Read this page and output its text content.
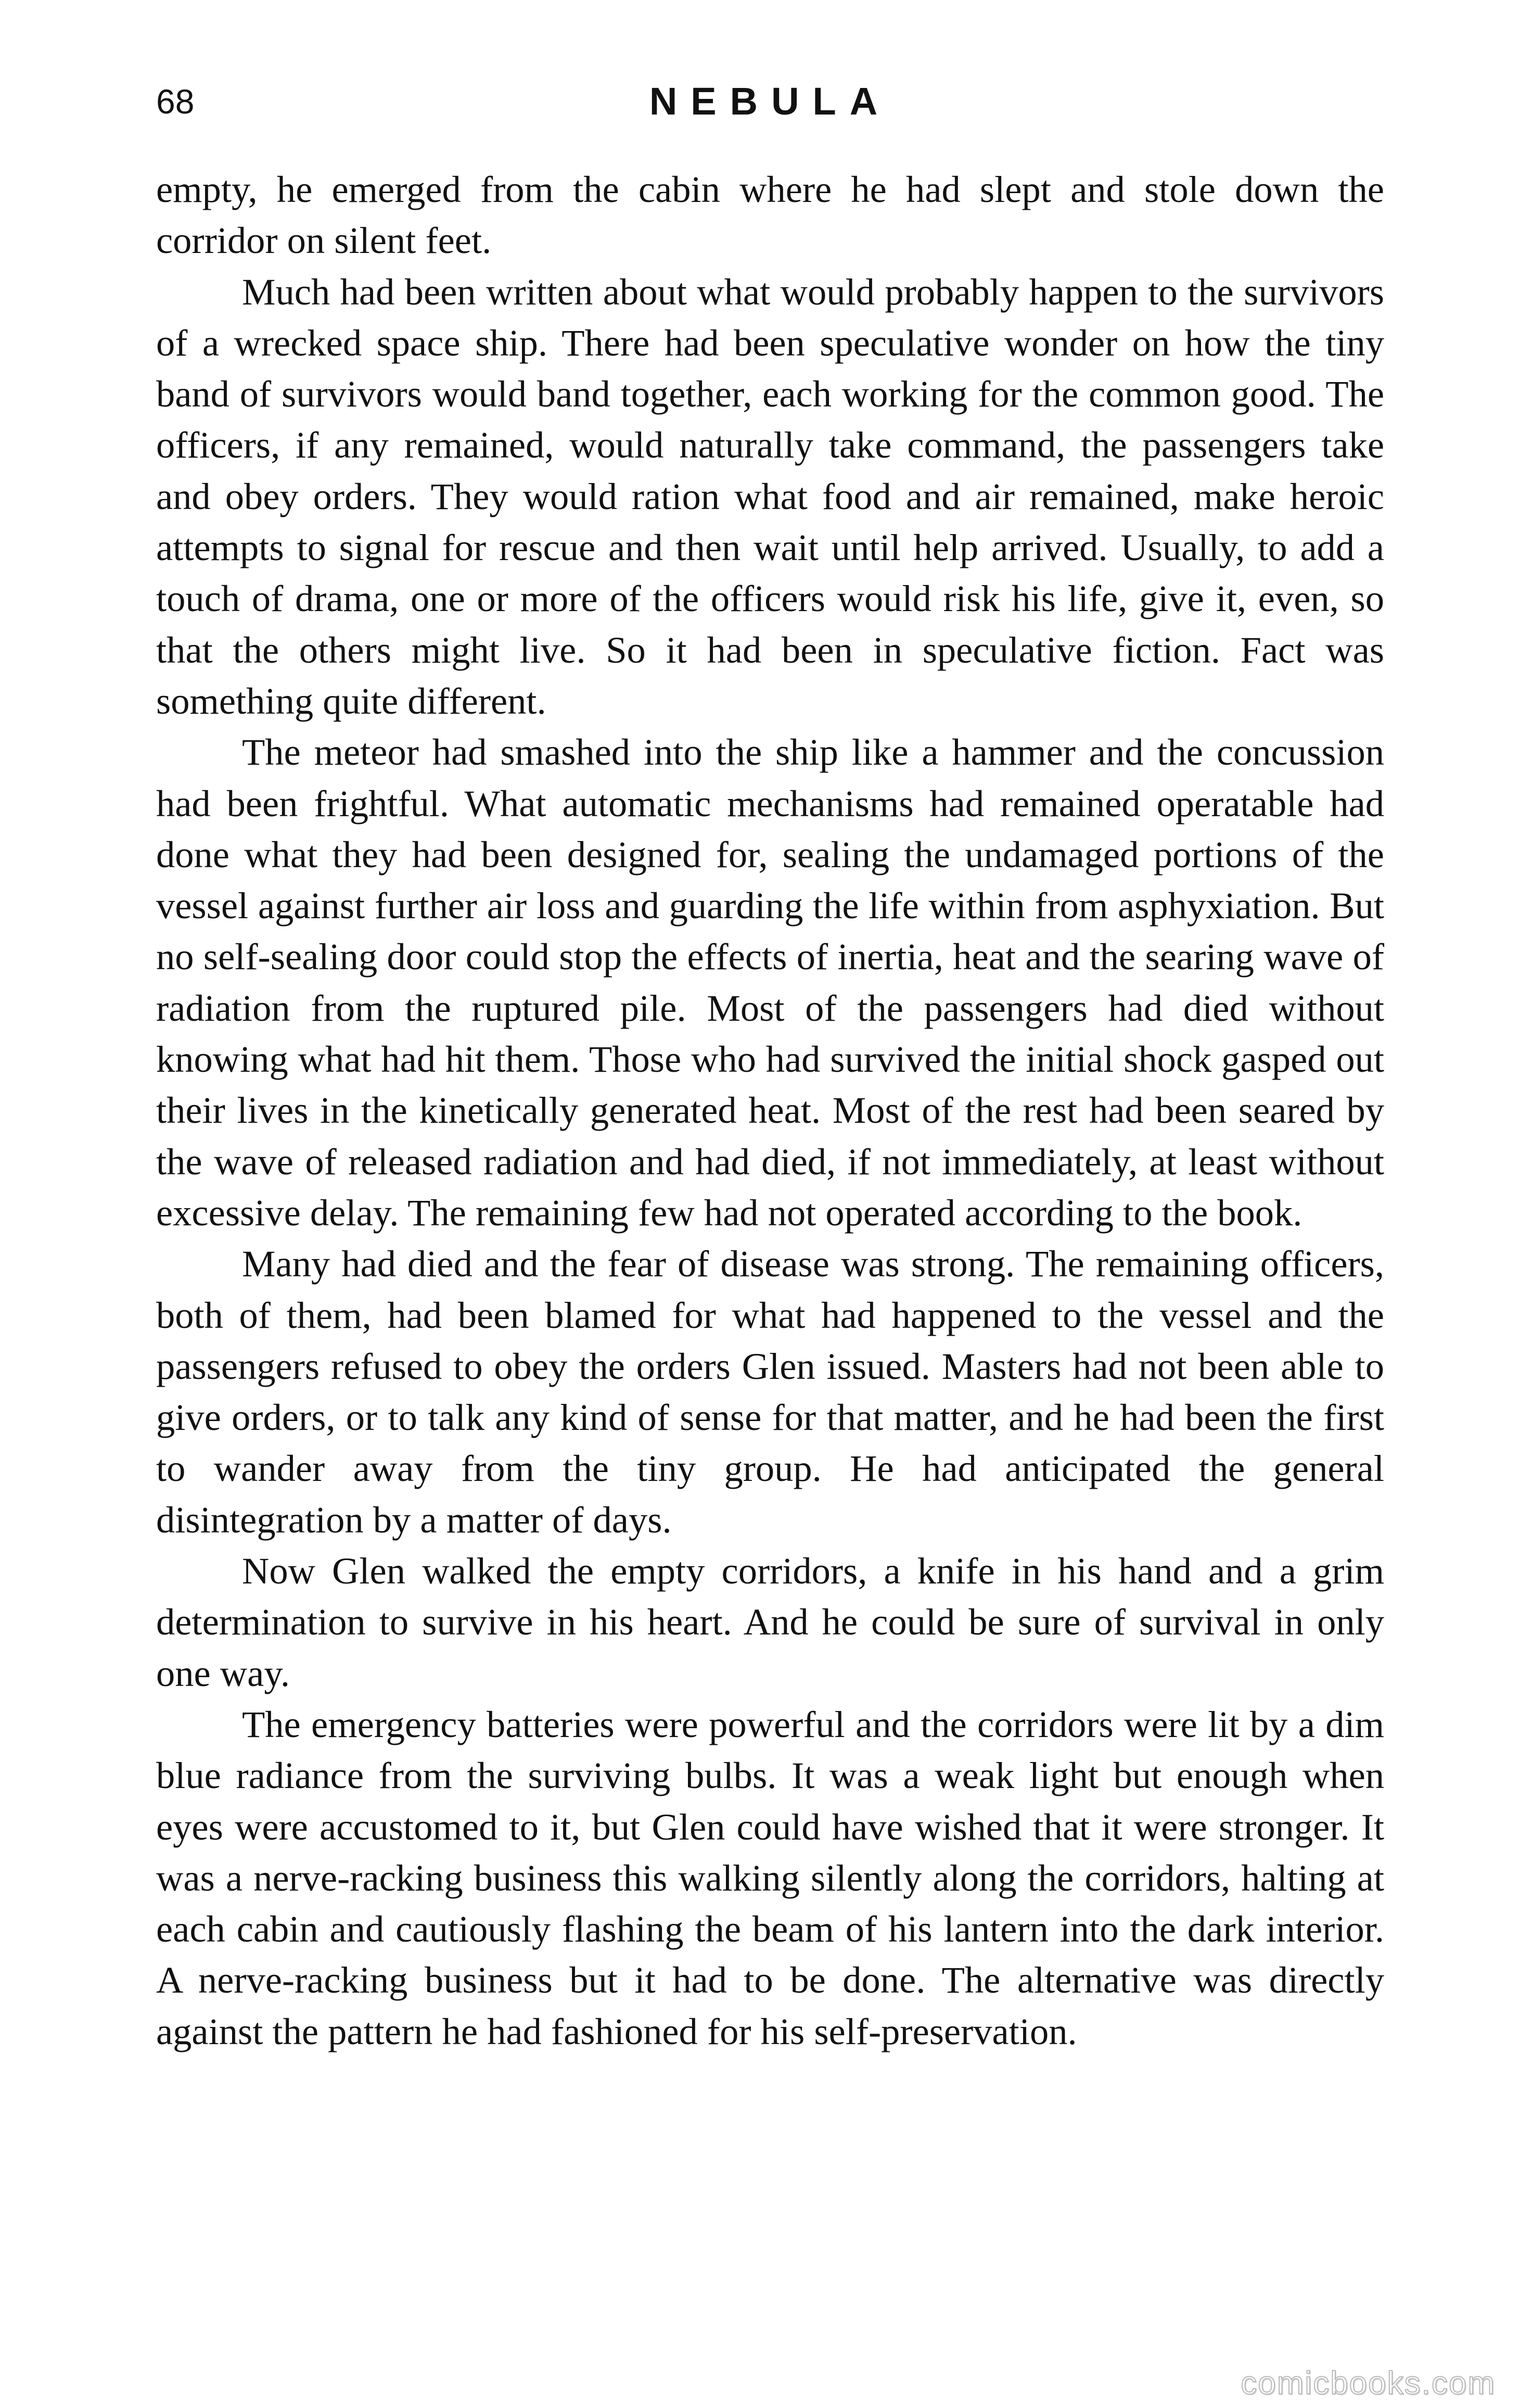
68	NEBULA

empty, he emerged from the cabin where he had slept and stole down the corridor on silent feet.

Much had been written about what would probably happen to the survivors of a wrecked space ship. There had been speculative wonder on how the tiny band of survivors would band together, each working for the common good. The officers, if any remained, would naturally take command, the passengers take and obey orders. They would ration what food and air remained, make heroic attempts to signal for rescue and then wait until help arrived. Usually, to add a touch of drama, one or more of the officers would risk his life, give it, even, so that the others might live. So it had been in speculative fiction. Fact was something quite different.

The meteor had smashed into the ship like a hammer and the concussion had been frightful. What automatic mechanisms had remained operatable had done what they had been designed for, sealing the undamaged portions of the vessel against further air loss and guarding the life within from asphyxiation. But no self-sealing door could stop the effects of inertia, heat and the searing wave of radiation from the ruptured pile. Most of the passengers had died without knowing what had hit them. Those who had survived the initial shock gasped out their lives in the kinetically generated heat. Most of the rest had been seared by the wave of released radiation and had died, if not immediately, at least without excessive delay. The remaining few had not operated according to the book.

Many had died and the fear of disease was strong. The remaining officers, both of them, had been blamed for what had happened to the vessel and the passengers refused to obey the orders Glen issued. Masters had not been able to give orders, or to talk any kind of sense for that matter, and he had been the first to wander away from the tiny group. He had anticipated the general disintegration by a matter of days.

Now Glen walked the empty corridors, a knife in his hand and a grim determination to survive in his heart. And he could be sure of survival in only one way.

The emergency batteries were powerful and the corridors were lit by a dim blue radiance from the surviving bulbs. It was a weak light but enough when eyes were accustomed to it, but Glen could have wished that it were stronger. It was a nerve-racking business this walking silently along the corridors, halting at each cabin and cautiously flashing the beam of his lantern into the dark interior. A nerve-racking business but it had to be done. The alternative was directly against the pattern he had fashioned for his self-preservation.

comicbooks.com
